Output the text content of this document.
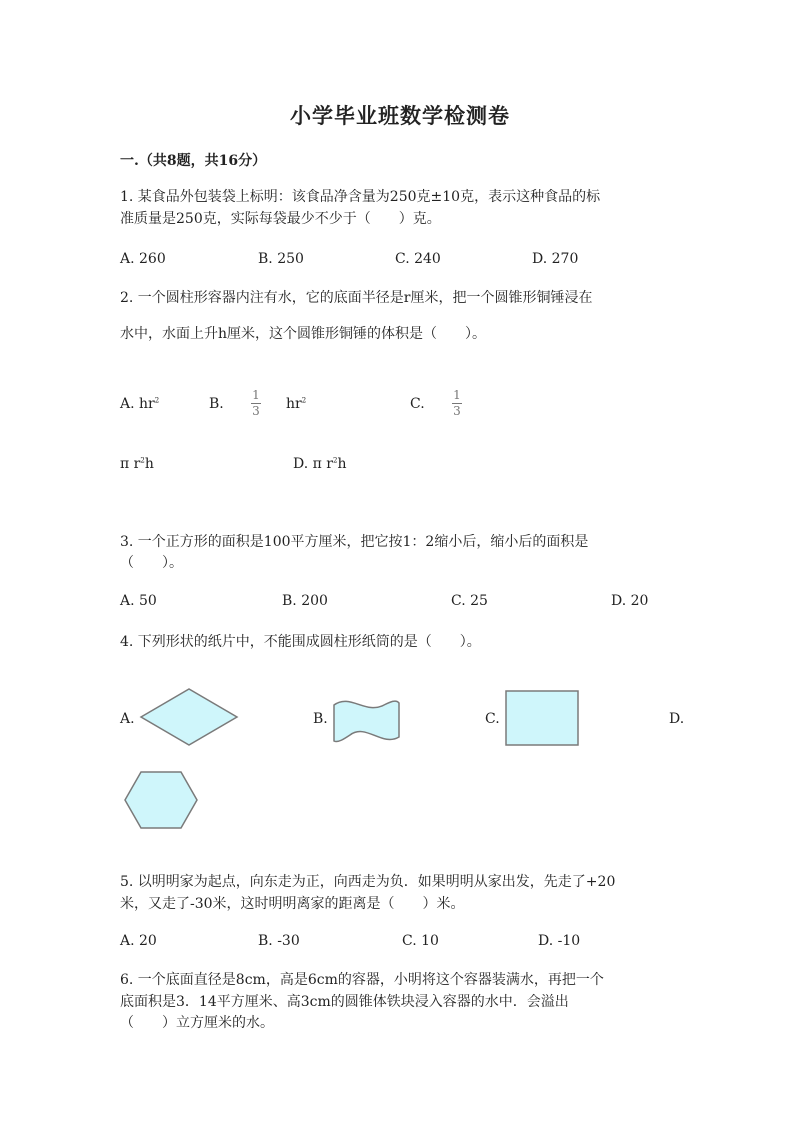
小学毕业班数学检测卷
一.（共8题，共16分）
1. 某食品外包装袋上标明：该食品净含量为250克±10克，表示这种食品的标
准质量是250克，实际每袋最少不少于（　　）克。
A. 260	B. 250	C. 240	D. 270
2. 一个圆柱形容器内注有水，它的底面半径是r厘米，把一个圆锥形铜锤浸在
水中，水面上升h厘米，这个圆锥形铜锤的体积是（　　）。
A. $hr^2$	B.
1
3 $hr^2$	C.
1
3
π $r^2h$	D. π $r^2h$
3. 一个正方形的面积是100平方厘米，把它按1：2缩小后，缩小后的面积是
（　　）。
A. 50	B. 200	C. 25	D. 20
4. 下列形状的纸片中，不能围成圆柱形纸筒的是（　　）。
A.	B.	C.	D.
5. 以明明家为起点，向东走为正，向西走为负．如果明明从家出发，先走了+20
米，又走了-30米，这时明明离家的距离是（　　）米。
A. 20	B. -30	C. 10	D. -10
6. 一个底面直径是8cm，高是6cm的容器，小明将这个容器装满水，再把一个
底面积是3．14平方厘米、高3cm的圆锥体铁块浸入容器的水中．会溢出
（　　）立方厘米的水。
